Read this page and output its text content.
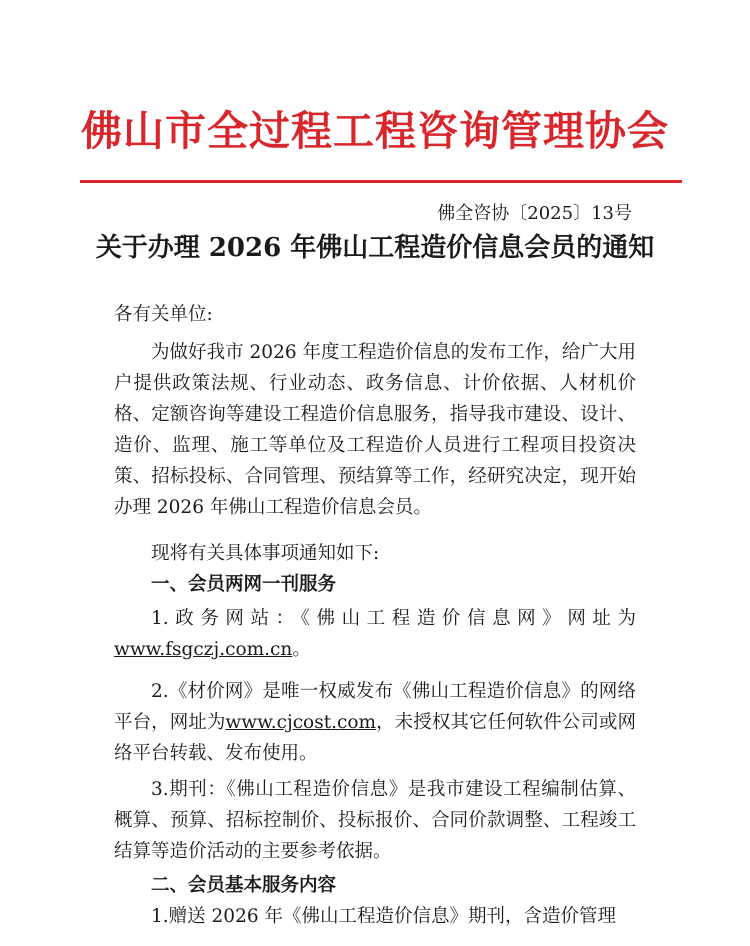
佛山市全过程工程咨询管理协会
佛全咨协〔2025〕13号
关于办理 2026 年佛山工程造价信息会员的通知
各有关单位:

为做好我市 2026 年度工程造价信息的发布工作，给广大用户提供政策法规、行业动态、政务信息、计价依据、人材机价格、定额咨询等建设工程造价信息服务，指导我市建设、设计、造价、监理、施工等单位及工程造价人员进行工程项目投资决策、招标投标、合同管理、预结算等工作，经研究决定，现开始办理 2026 年佛山工程造价信息会员。

现将有关具体事项通知如下:

一、会员两网一刊服务

1.政务网站：《佛山工程造价信息网》网址为www.fsgczj.com.cn。

2.《材价网》是唯一权威发布《佛山工程造价信息》的网络平台，网址为www.cjcost.com，未授权其它任何软件公司或网络平台转载、发布使用。

3.期刊：《佛山工程造价信息》是我市建设工程编制估算、概算、预算、招标控制价、投标报价、合同价款调整、工程竣工结算等造价活动的主要参考依据。

二、会员基本服务内容

1.赠送 2026 年《佛山工程造价信息》期刊，含造价管理
